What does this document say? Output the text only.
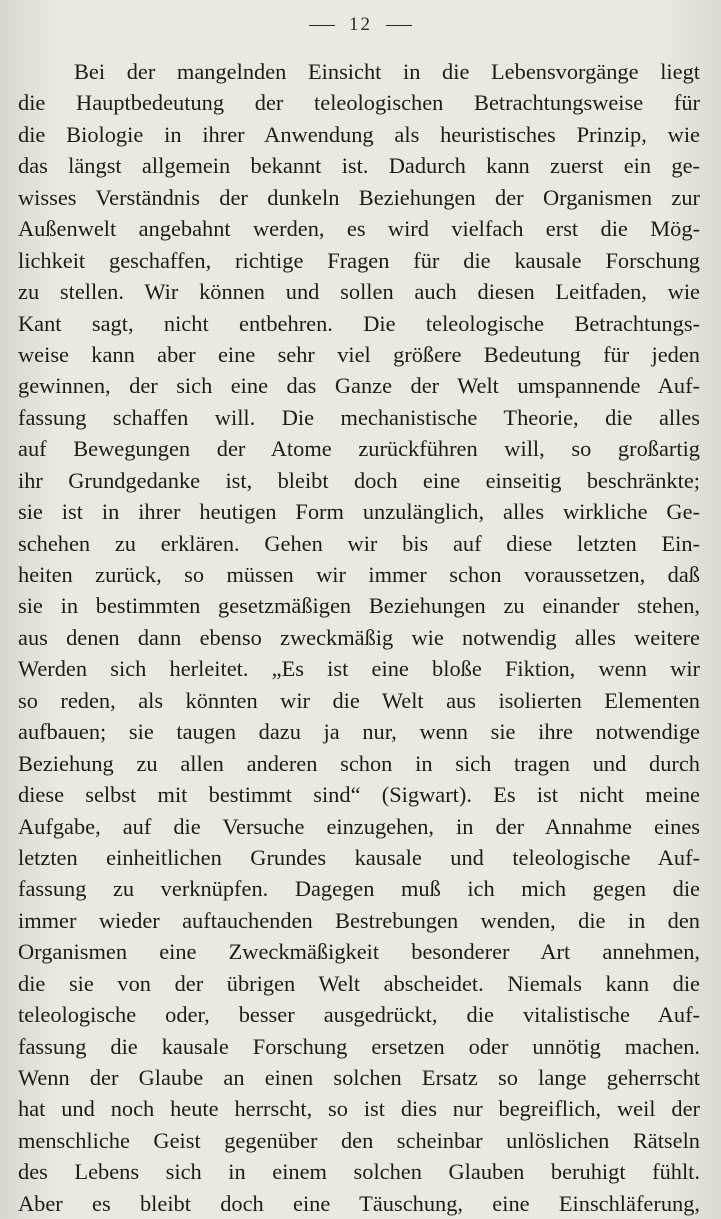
12
Bei der mangelnden Einsicht in die Lebensvorgänge liegt
die Hauptbedeutung der teleologischen Betrachtungsweise für
die Biologie in ihrer Anwendung als heuristisches Prinzip, wie
das längst allgemein bekannt ist. Dadurch kann zuerst ein ge-
wisses Verständnis der dunkeln Beziehungen der Organismen zur
Außenwelt angebahnt werden, es wird vielfach erst die Mög-
lichkeit geschaffen, richtige Fragen für die kausale Forschung
zu stellen. Wir können und sollen auch diesen Leitfaden, wie
Kant sagt, nicht entbehren. Die teleologische Betrachtungs-
weise kann aber eine sehr viel größere Bedeutung für jeden
gewinnen, der sich eine das Ganze der Welt umspannende Auf-
fassung schaffen will. Die mechanistische Theorie, die alles
auf Bewegungen der Atome zurückführen will, so großartig
ihr Grundgedanke ist, bleibt doch eine einseitig beschränkte;
sie ist in ihrer heutigen Form unzulänglich, alles wirkliche Ge-
schehen zu erklären. Gehen wir bis auf diese letzten Ein-
heiten zurück, so müssen wir immer schon voraussetzen, daß
sie in bestimmten gesetzmäßigen Beziehungen zu einander stehen,
aus denen dann ebenso zweckmäßig wie notwendig alles weitere
Werden sich herleitet. „Es ist eine bloße Fiktion, wenn wir
so reden, als könnten wir die Welt aus isolierten Elementen
aufbauen; sie taugen dazu ja nur, wenn sie ihre notwendige
Beziehung zu allen anderen schon in sich tragen und durch
diese selbst mit bestimmt sind“ (Sigwart). Es ist nicht meine
Aufgabe, auf die Versuche einzugehen, in der Annahme eines
letzten einheitlichen Grundes kausale und teleologische Auf-
fassung zu verknüpfen. Dagegen muß ich mich gegen die
immer wieder auftauchenden Bestrebungen wenden, die in den
Organismen eine Zweckmäßigkeit besonderer Art annehmen,
die sie von der übrigen Welt abscheidet. Niemals kann die
teleologische oder, besser ausgedrückt, die vitalistische Auf-
fassung die kausale Forschung ersetzen oder unnötig machen.
Wenn der Glaube an einen solchen Ersatz so lange geherrscht
hat und noch heute herrscht, so ist dies nur begreiflich, weil der
menschliche Geist gegenüber den scheinbar unlöslichen Rätseln
des Lebens sich in einem solchen Glauben beruhigt fühlt.
Aber es bleibt doch eine Täuschung, eine Einschläferung,
